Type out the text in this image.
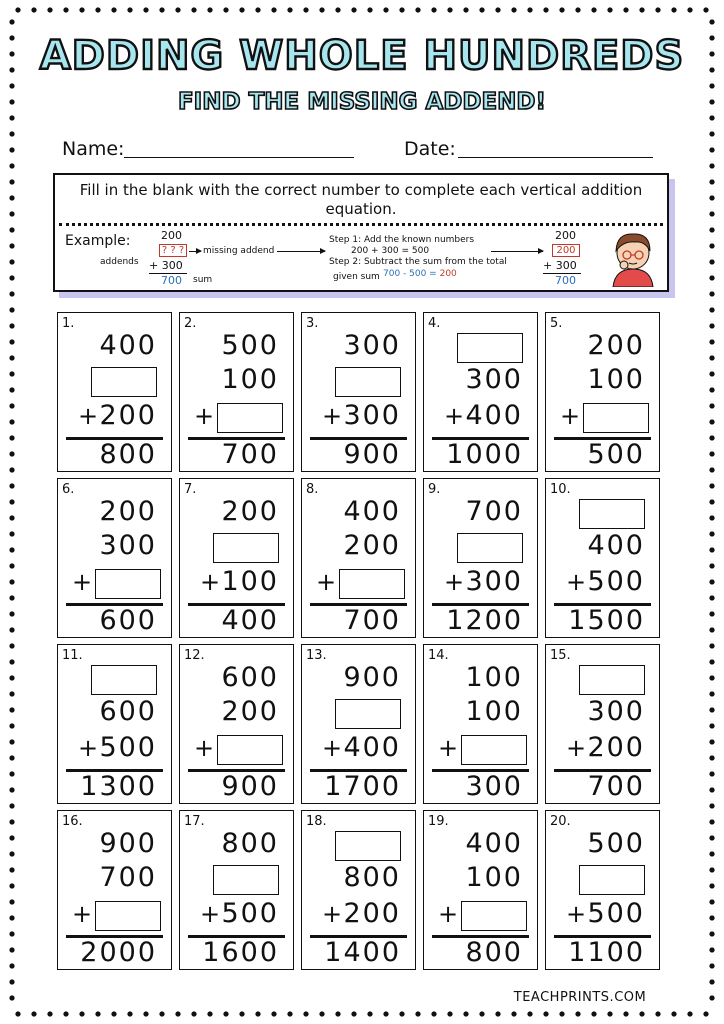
ADDING WHOLE HUNDREDS
FIND THE MISSING ADDEND!
Name:	Date:
Fill in the blank with the correct number to complete each vertical addition equation.
Example:	200
? ? ?
+ 300
700
addends
missing addend
sum
Step 1: Add the known numbers
200 + 300 = 500
Step 2: Subtract the sum from the total
given sum 700 - 500 = 200
200
200
+ 300
700
1.
400
200
+
800
2.
500
100
+
700
3.
300
300
+
900
4.
300
400
+
1000
5.
200
100
+
500
6.
200
300
+
600
7.
200
100
+
400
8.
400
200
+
700
9.
700
300
+
1200
10.
400
500
+
1500
11.
600
500
+
1300
12.
600
200
+
900
13.
900
400
+
1700
14.
100
100
+
300
15.
300
200
+
700
16.
900
700
+
2000
17.
800
500
+
1600
18.
800
200
+
1400
19.
400
100
+
800
20.
500
500
+
1100
TEACHPRINTS.COM
